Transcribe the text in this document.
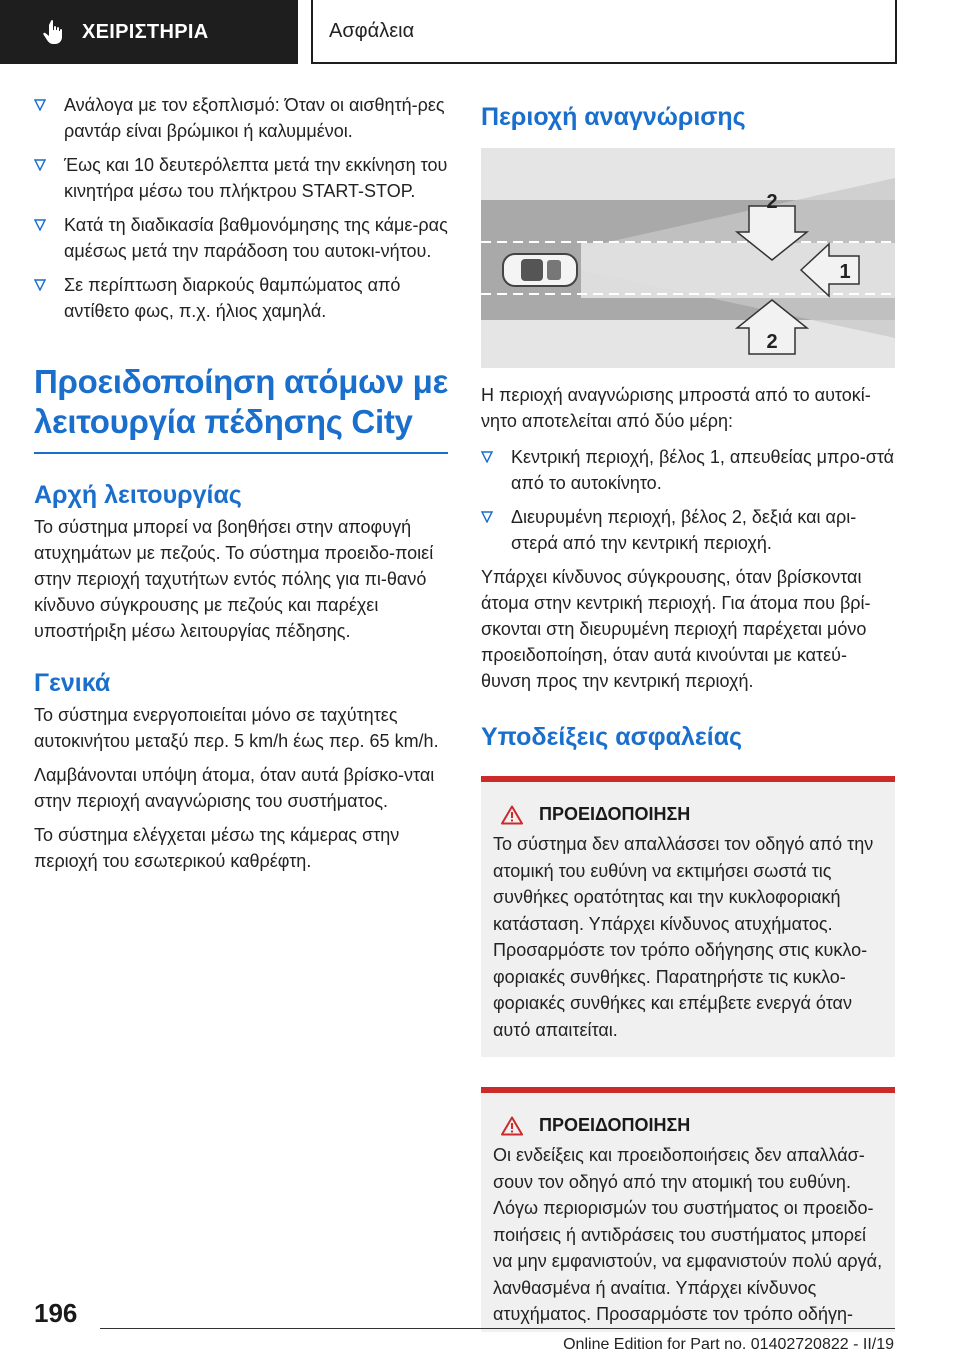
ΧΕΙΡΙΣΤΗΡΙΑ	Ασφάλεια
Ανάλογα με τον εξοπλισμό: Όταν οι αισθητή-ρες ραντάρ είναι βρώμικοι ή καλυμμένοι.
Έως και 10 δευτερόλεπτα μετά την εκκίνηση του κινητήρα μέσω του πλήκτρου START-STOP.
Κατά τη διαδικασία βαθμονόμησης της κάμε-ρας αμέσως μετά την παράδοση του αυτοκι-νήτου.
Σε περίπτωση διαρκούς θαμπώματος από αντίθετο φως, π.χ. ήλιος χαμηλά.
Προειδοποίηση ατόμων με λειτουργία πέδησης City
Αρχή λειτουργίας

Το σύστημα μπορεί να βοηθήσει στην αποφυγή ατυχημάτων με πεζούς. Το σύστημα προειδο-ποιεί στην περιοχή ταχυτήτων εντός πόλης για πι-θανό κίνδυνο σύγκρουσης με πεζούς και παρέχει υποστήριξη μέσω λειτουργίας πέδησης.

Γενικά

Το σύστημα ενεργοποιείται μόνο σε ταχύτητες αυτοκινήτου μεταξύ περ. 5 km/h έως περ. 65 km/h.

Λαμβάνονται υπόψη άτομα, όταν αυτά βρίσκο-νται στην περιοχή αναγνώρισης του συστήματος.

Το σύστημα ελέγχεται μέσω της κάμερας στην περιοχή του εσωτερικού καθρέφτη.

Περιοχή αναγνώρισης
2
1
2

Η περιοχή αναγνώρισης μπροστά από το αυτοκί-νητο αποτελείται από δύο μέρη:

Κεντρική περιοχή, βέλος 1, απευθείας μπρο-στά από το αυτοκίνητο.
Διευρυμένη περιοχή, βέλος 2, δεξιά και αρι-στερά από την κεντρική περιοχή.

Υπάρχει κίνδυνος σύγκρουσης, όταν βρίσκονται άτομα στην κεντρική περιοχή. Για άτομα που βρί-σκονται στη διευρυμένη περιοχή παρέχεται μόνο προειδοποίηση, όταν αυτά κινούνται με κατεύ-θυνση προς την κεντρική περιοχή.

Υποδείξεις ασφαλείας
ΠΡΟΕΙΔΟΠΟΙΗΣΗ

Το σύστημα δεν απαλλάσσει τον οδηγό από την ατομική του ευθύνη να εκτιμήσει σωστά τις συνθήκες ορατότητας και την κυκλοφοριακή κατάσταση. Υπάρχει κίνδυνος ατυχήματος. Προσαρμόστε τον τρόπο οδήγησης στις κυκλο-φοριακές συνθήκες. Παρατηρήστε τις κυκλο-φοριακές συνθήκες και επέμβετε ενεργά όταν αυτό απαιτείται.

ΠΡΟΕΙΔΟΠΟΙΗΣΗ

Οι ενδείξεις και προειδοποιήσεις δεν απαλλάσ-σουν τον οδηγό από την ατομική του ευθύνη. Λόγω περιορισμών του συστήματος οι προειδο-ποιήσεις ή αντιδράσεις του συστήματος μπορεί να μην εμφανιστούν, να εμφανιστούν πολύ αργά, λανθασμένα ή αναίτια. Υπάρχει κίνδυνος ατυχήματος. Προσαρμόστε τον τρόπο οδήγη-

196
Online Edition for Part no. 01402720822 - II/19
